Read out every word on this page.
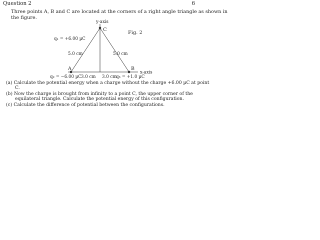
Question 2	6
Three points A, B and C are located at the corners of a right angle triangle as shown in
the figure.
y-axis
C
q₁ = +6.00 µC
5.0 cm	5.0 cm
A	B
x-axis
q₂ = −6.00 µC 3.0 cm 3.0 cm q₃ = +1.0 µC
Fig. 2
(a) Calculate the potential energy when a charge without the charge +6.00 µC at point
C.
(b) Now the charge is brought from infinity to a point C, the upper corner of the
equilateral triangle. Calculate the potential energy of this configuration.
(c) Calculate the difference of potential between the configurations.
